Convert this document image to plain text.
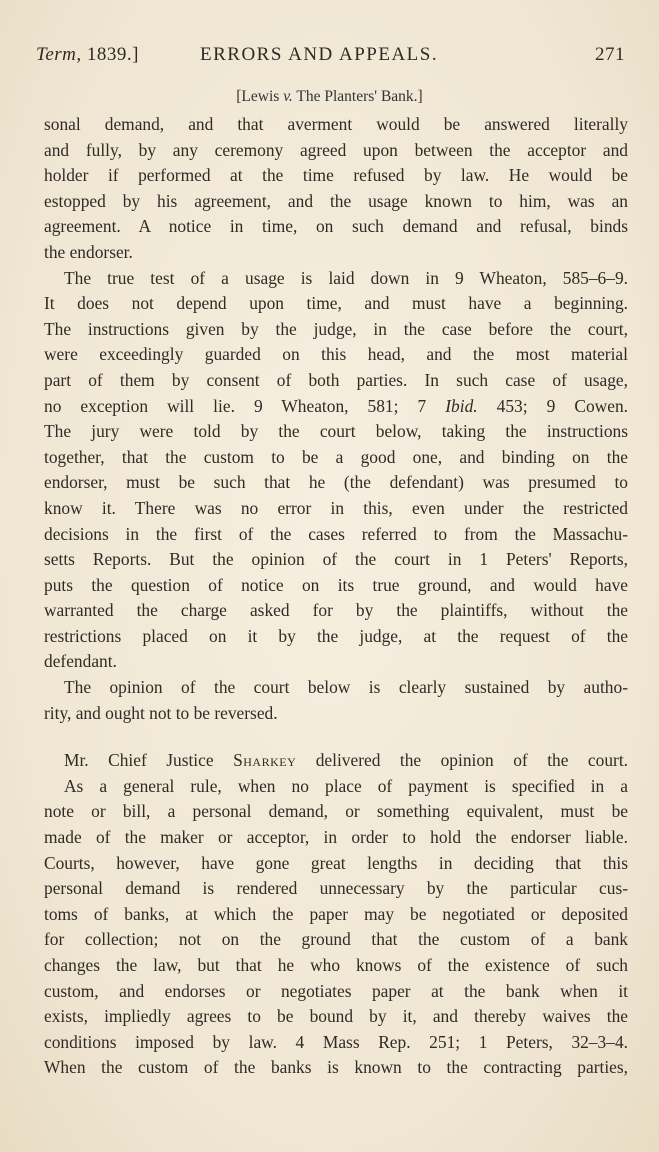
Term, 1839.]	ERRORS AND APPEALS.	271
[Lewis v. The Planters' Bank.]
sonal demand, and that averment would be answered literally
and fully, by any ceremony agreed upon between the acceptor and
holder if performed at the time refused by law. He would be
estopped by his agreement, and the usage known to him, was an
agreement. A notice in time, on such demand and refusal, binds
the endorser.
The true test of a usage is laid down in 9 Wheaton, 585–6–9.
It does not depend upon time, and must have a beginning.
The instructions given by the judge, in the case before the court,
were exceedingly guarded on this head, and the most material
part of them by consent of both parties. In such case of usage,
no exception will lie. 9 Wheaton, 581; 7 Ibid. 453; 9 Cowen.
The jury were told by the court below, taking the instructions
together, that the custom to be a good one, and binding on the
endorser, must be such that he (the defendant) was presumed to
know it. There was no error in this, even under the restricted
decisions in the first of the cases referred to from the Massachu-
setts Reports. But the opinion of the court in 1 Peters' Reports,
puts the question of notice on its true ground, and would have
warranted the charge asked for by the plaintiffs, without the
restrictions placed on it by the judge, at the request of the
defendant.
The opinion of the court below is clearly sustained by autho-
rity, and ought not to be reversed.
Mr. Chief Justice Sharkey delivered the opinion of the court.
As a general rule, when no place of payment is specified in a
note or bill, a personal demand, or something equivalent, must be
made of the maker or acceptor, in order to hold the endorser liable.
Courts, however, have gone great lengths in deciding that this
personal demand is rendered unnecessary by the particular cus-
toms of banks, at which the paper may be negotiated or deposited
for collection; not on the ground that the custom of a bank
changes the law, but that he who knows of the existence of such
custom, and endorses or negotiates paper at the bank when it
exists, impliedly agrees to be bound by it, and thereby waives the
conditions imposed by law. 4 Mass Rep. 251; 1 Peters, 32–3–4.
When the custom of the banks is known to the contracting parties,
